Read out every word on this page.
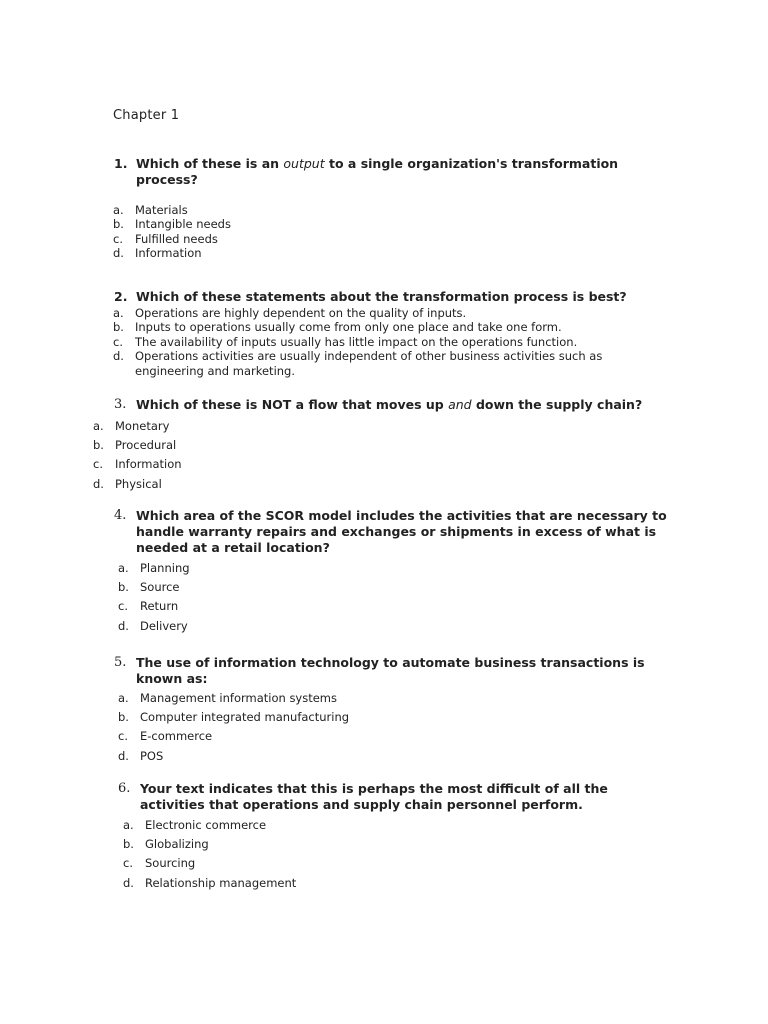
Chapter 1
1. Which of these is an output to a single organization's transformation process?
a. Materials
b. Intangible needs
c.	Fulfilled needs
d. Information
2. Which of these statements about the transformation process is best?
a. Operations are highly dependent on the quality of inputs.
b. Inputs to operations usually come from only one place and take one form.
c.	The availability of inputs usually has little impact on the operations function.
d. Operations activities are usually independent of other business activities such as engineering and marketing.
3. Which of these is NOT a flow that moves up and down the supply chain?
a. Monetary
b. Procedural
c.	Information
d. Physical
4. Which area of the SCOR model includes the activities that are necessary to handle warranty repairs and exchanges or shipments in excess of what is needed at a retail location?
a. Planning
b. Source
c.	Return
d. Delivery
5. The use of information technology to automate business transactions is known as:
a. Management information systems
b. Computer integrated manufacturing
c.	E-commerce
d. POS
6. Your text indicates that this is perhaps the most difficult of all the activities that operations and supply chain personnel perform.
a. Electronic commerce
b. Globalizing
c.	Sourcing
d. Relationship management
